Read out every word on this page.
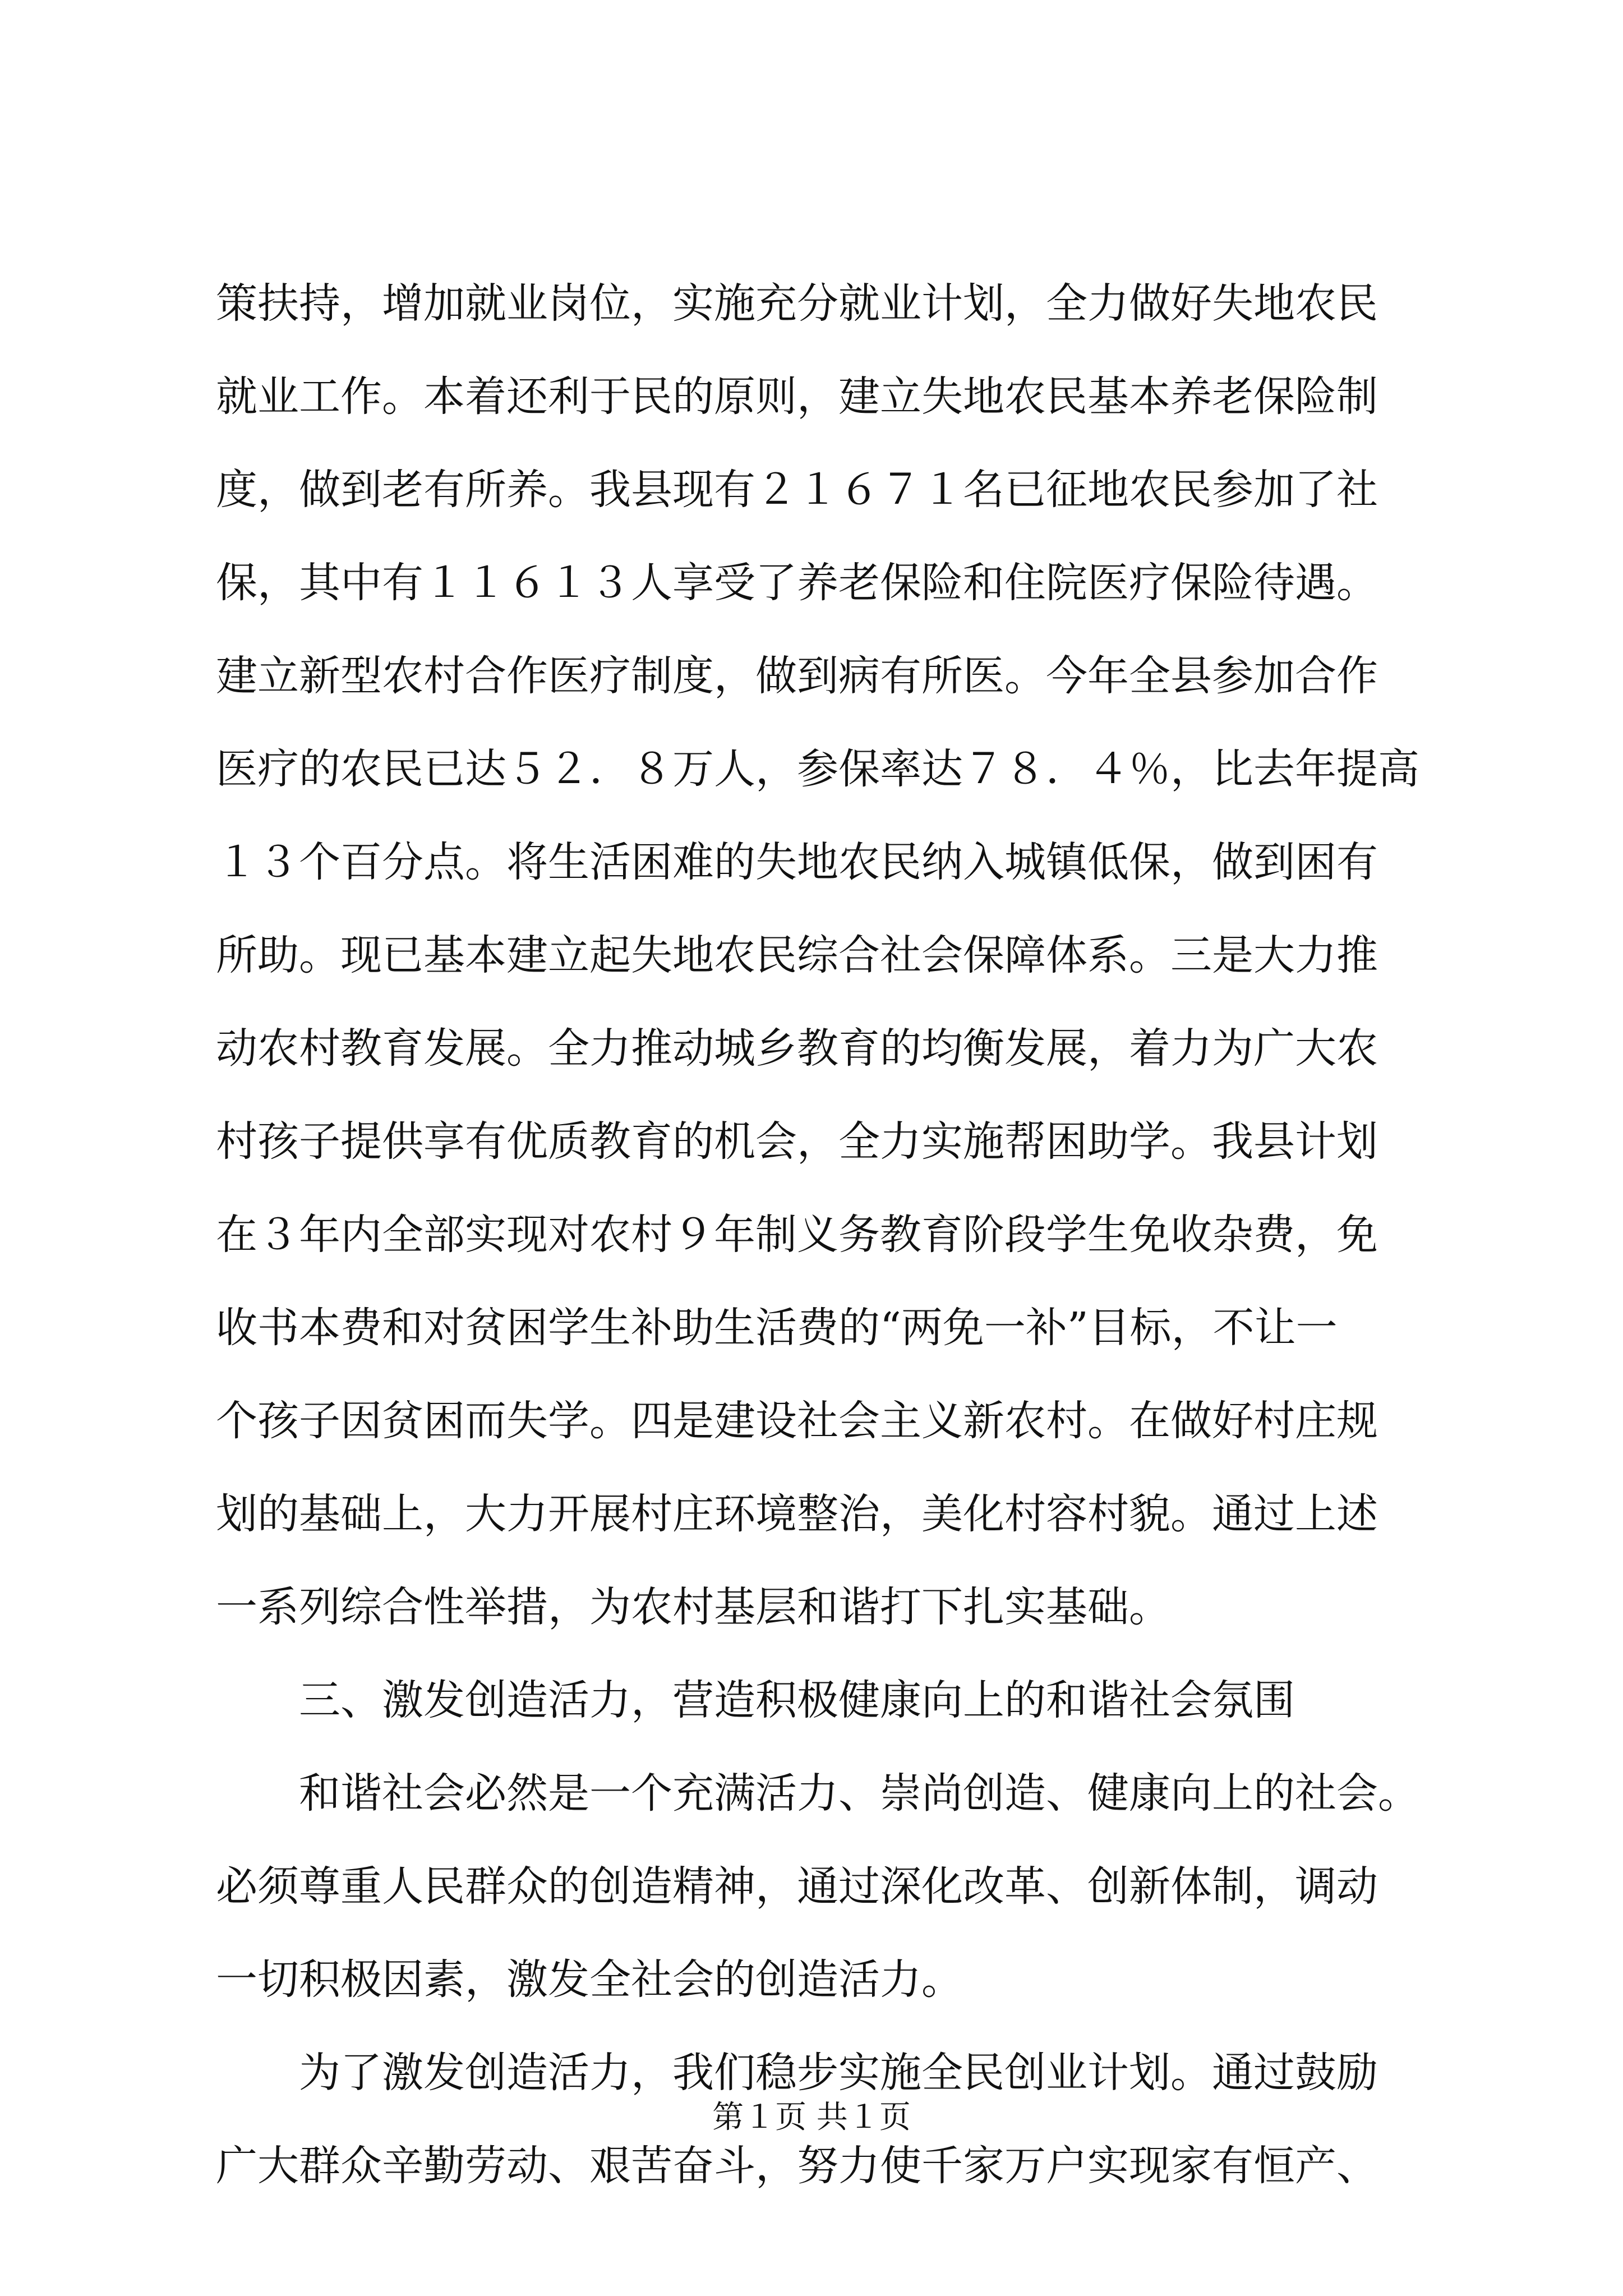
策扶持，增加就业岗位，实施充分就业计划，全力做好失地农民
就业工作。本着还利于民的原则，建立失地农民基本养老保险制
度，做到老有所养。我县现有２１６７１名已征地农民参加了社
保，其中有１１６１３人享受了养老保险和住院医疗保险待遇。
建立新型农村合作医疗制度，做到病有所医。今年全县参加合作
医疗的农民已达５２．８万人，参保率达７８．４％，比去年提高
１３个百分点。将生活困难的失地农民纳入城镇低保，做到困有
所助。现已基本建立起失地农民综合社会保障体系。三是大力推
动农村教育发展。全力推动城乡教育的均衡发展，着力为广大农
村孩子提供享有优质教育的机会，全力实施帮困助学。我县计划
在３年内全部实现对农村９年制义务教育阶段学生免收杂费，免
收书本费和对贫困学生补助生活费的“两免一补”目标，不让一
个孩子因贫困而失学。四是建设社会主义新农村。在做好村庄规
划的基础上，大力开展村庄环境整治，美化村容村貌。通过上述
一系列综合性举措，为农村基层和谐打下扎实基础。
三、激发创造活力，营造积极健康向上的和谐社会氛围
和谐社会必然是一个充满活力、崇尚创造、健康向上的社会。
必须尊重人民群众的创造精神，通过深化改革、创新体制，调动
一切积极因素，激发全社会的创造活力。
为了激发创造活力，我们稳步实施全民创业计划。通过鼓励
广大群众辛勤劳动、艰苦奋斗，努力使千家万户实现家有恒产、
第１页 共１页
